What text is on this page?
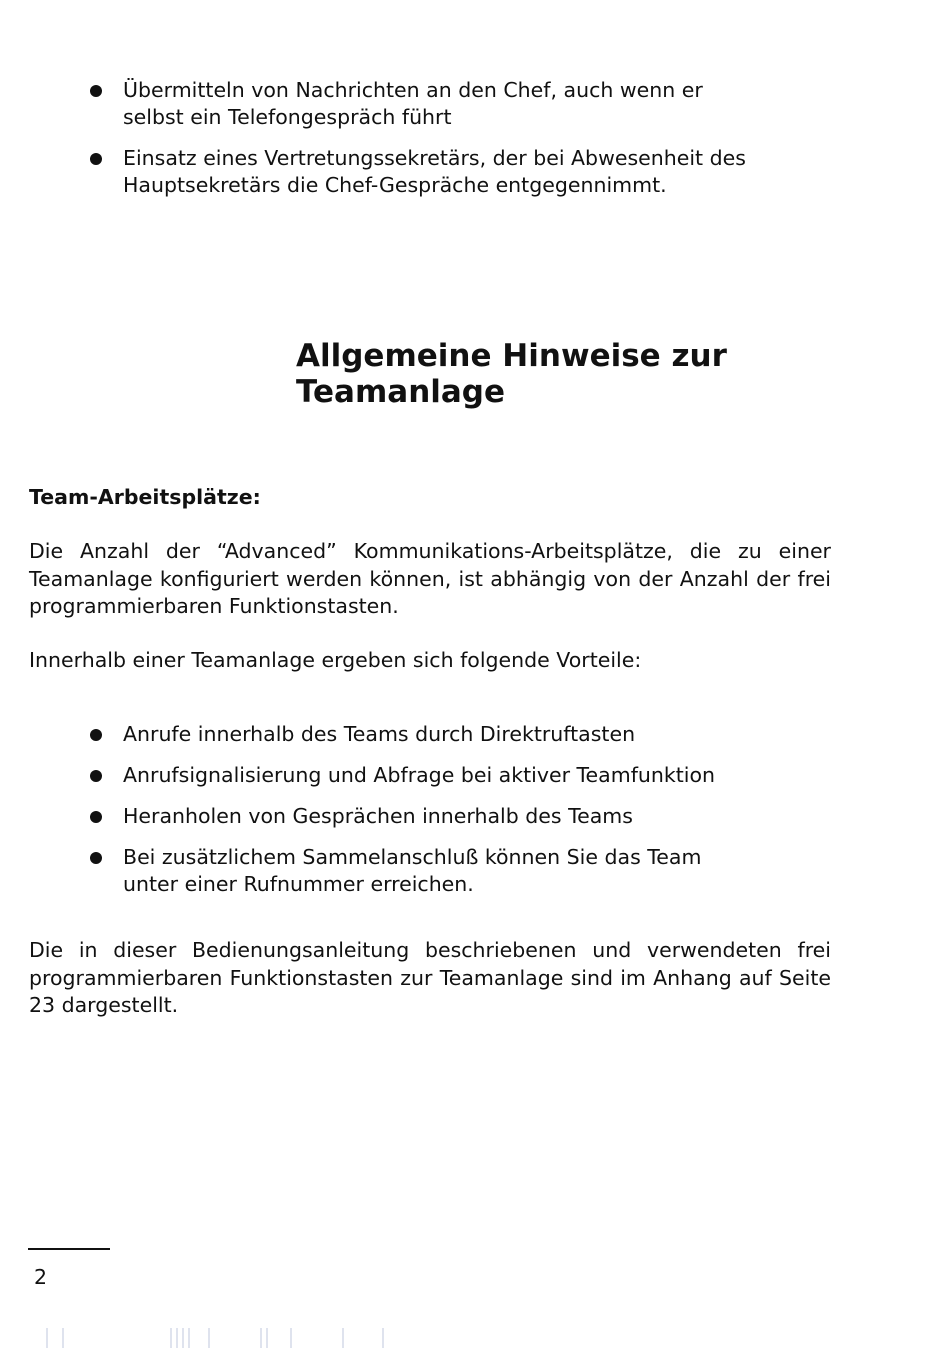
Übermitteln von Nachrichten an den Chef, auch wenn er selbst ein Telefongespräch führt
Einsatz eines Vertretungssekretärs, der bei Abwesenheit des Hauptsekretärs die Chef-Gespräche entgegennimmt.
Allgemeine Hinweise zur Teamanlage
Team-Arbeitsplätze:

Die Anzahl der “Advanced” Kommunikations-Arbeitsplätze, die zu einer Teamanlage konfiguriert werden können, ist abhängig von der Anzahl der frei programmierbaren Funktionstasten.

Innerhalb einer Teamanlage ergeben sich folgende Vorteile:

Anrufe innerhalb des Teams durch Direktruftasten
Anrufsignalisierung und Abfrage bei aktiver Teamfunktion
Heranholen von Gesprächen innerhalb des Teams
Bei zusätzlichem Sammelanschluß können Sie das Team unter einer Rufnummer erreichen.

Die in dieser Bedienungsanleitung beschriebenen und verwendeten frei programmierbaren Funktionstasten zur Teamanlage sind im Anhang auf Seite 23 dargestellt.

2
